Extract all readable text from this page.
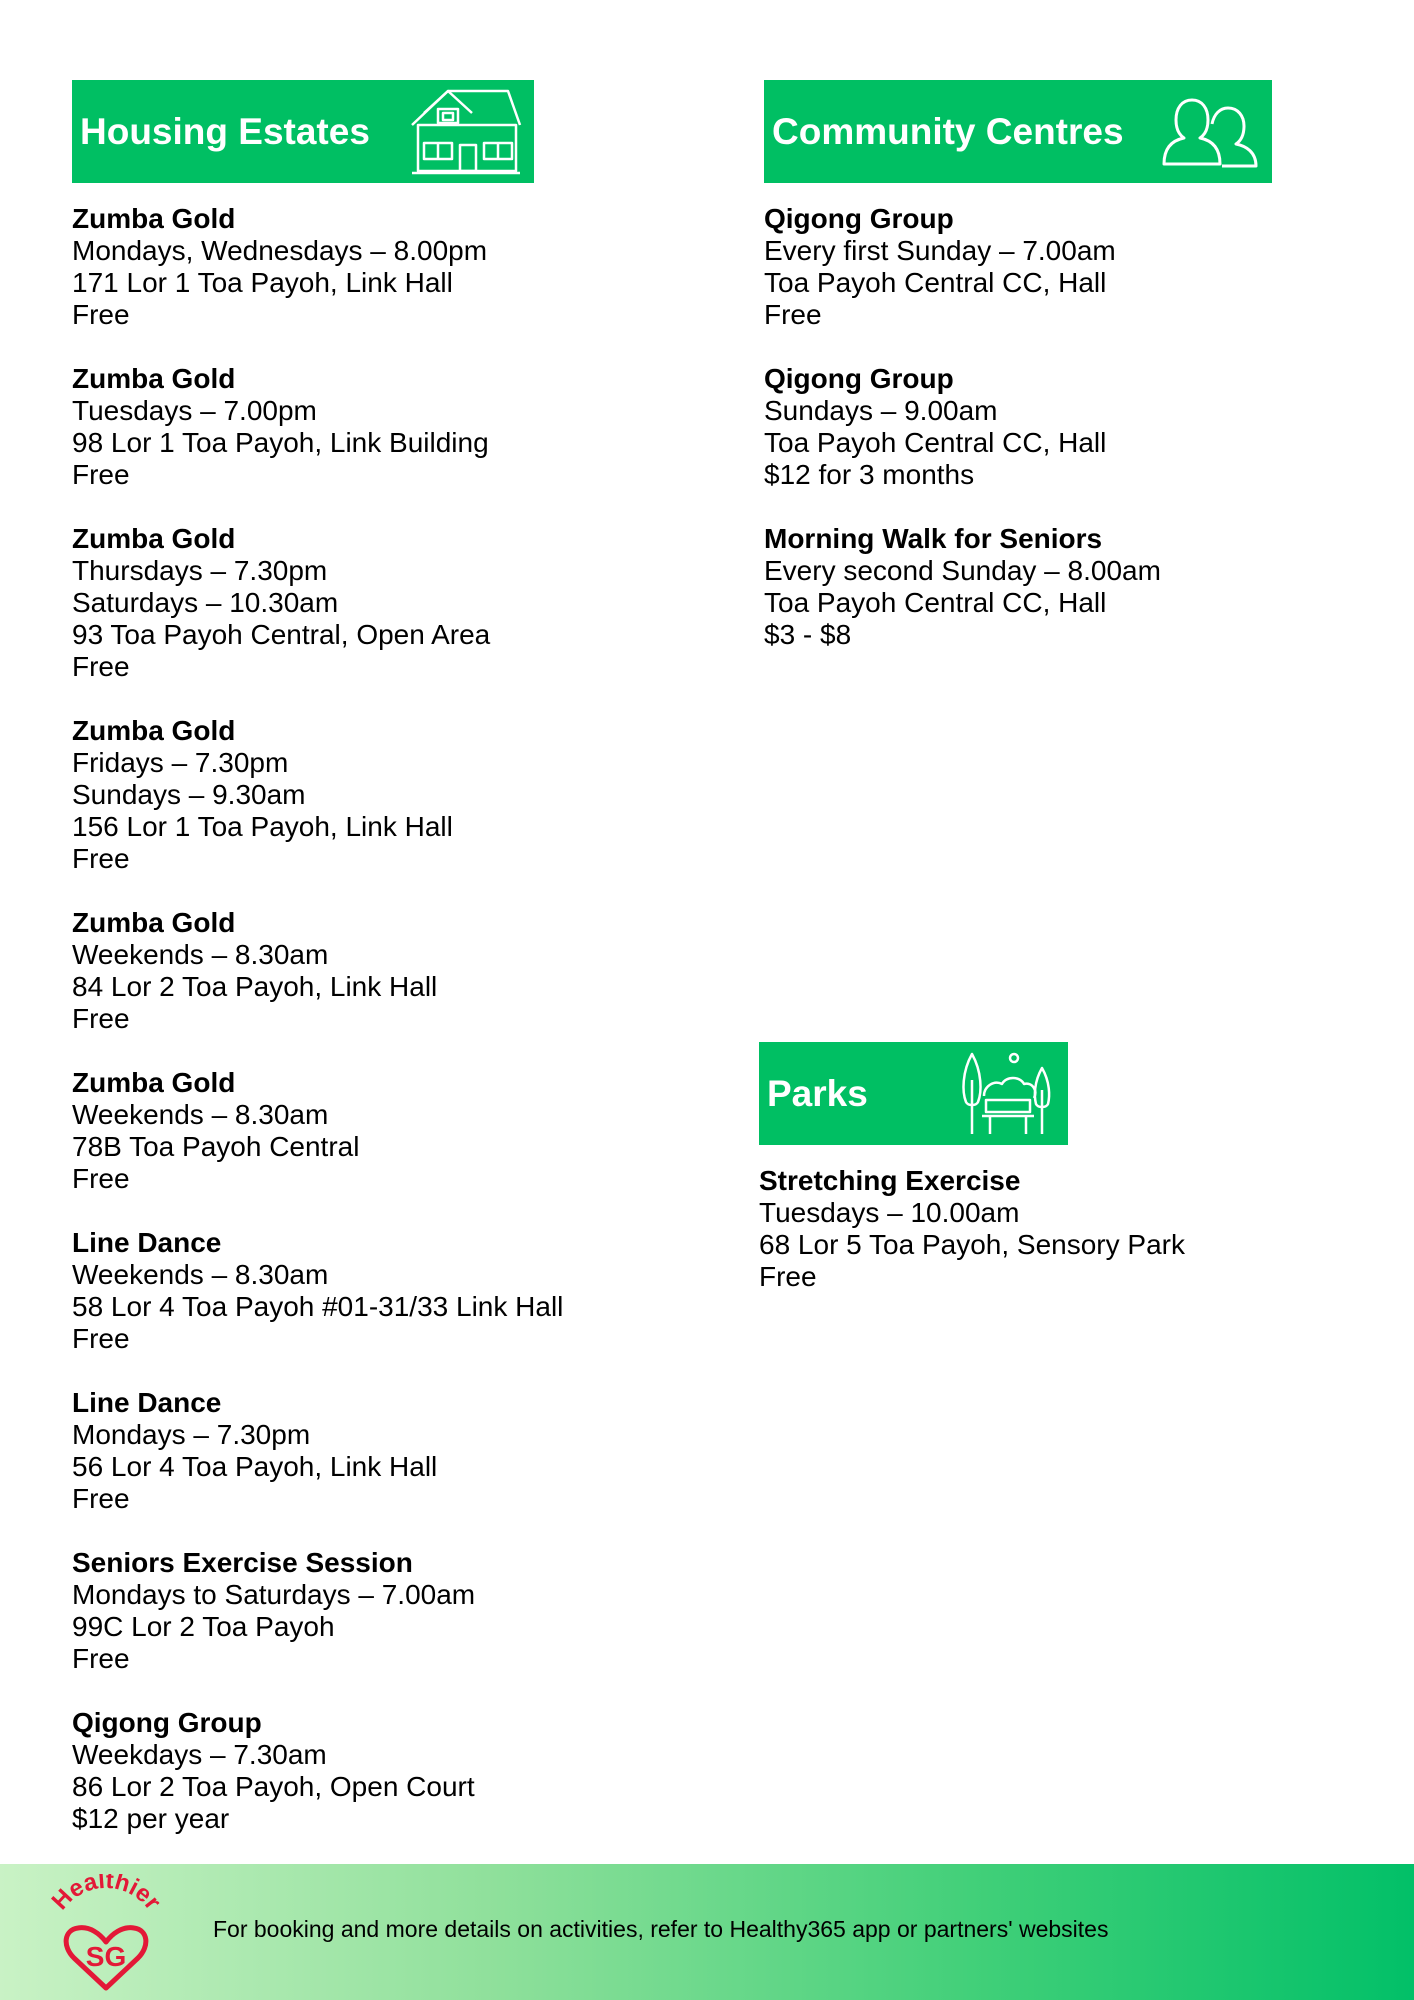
Housing Estates
Zumba Gold
Mondays, Wednesdays – 8.00pm
171 Lor 1 Toa Payoh, Link Hall
Free
Zumba Gold
Tuesdays – 7.00pm
98 Lor 1 Toa Payoh, Link Building
Free
Zumba Gold
Thursdays – 7.30pm
Saturdays – 10.30am
93 Toa Payoh Central, Open Area
Free
Zumba Gold
Fridays – 7.30pm
Sundays – 9.30am
156 Lor 1 Toa Payoh, Link Hall
Free
Zumba Gold
Weekends – 8.30am
84 Lor 2 Toa Payoh, Link Hall
Free
Zumba Gold
Weekends – 8.30am
78B Toa Payoh Central
Free
Line Dance
Weekends – 8.30am
58 Lor 4 Toa Payoh #01-31/33 Link Hall
Free
Line Dance
Mondays – 7.30pm
56 Lor 4 Toa Payoh, Link Hall
Free
Seniors Exercise Session
Mondays to Saturdays – 7.00am
99C Lor 2 Toa Payoh
Free
Qigong Group
Weekdays – 7.30am
86 Lor 2 Toa Payoh, Open Court
$12 per year
Community Centres
Qigong Group
Every first Sunday – 7.00am
Toa Payoh Central CC, Hall
Free
Qigong Group
Sundays – 9.00am
Toa Payoh Central CC, Hall
$12 for 3 months
Morning Walk for Seniors
Every second Sunday – 8.00am
Toa Payoh Central CC, Hall
$3 - $8
Parks
Stretching Exercise
Tuesdays – 10.00am
68 Lor 5 Toa Payoh, Sensory Park
Free
Healthier
SG
For booking and more details on activities, refer to Healthy365 app or partners' websites
